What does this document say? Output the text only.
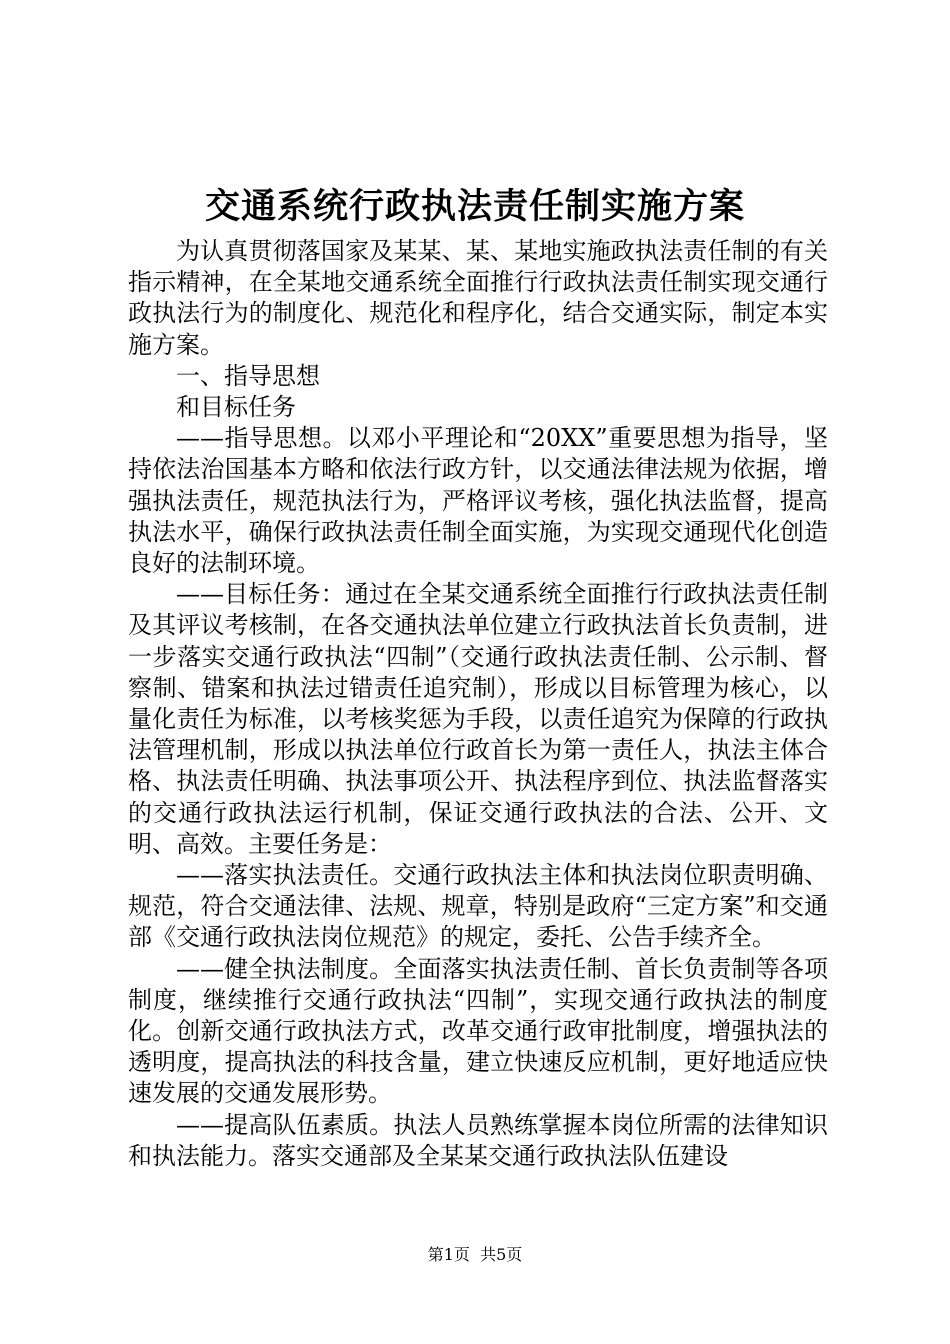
交通系统行政执法责任制实施方案

为认真贯彻落国家及某某、某、某地实施政执法责任制的有关指示精神，在全某地交通系统全面推行行政执法责任制实现交通行政执法行为的制度化、规范化和程序化，结合交通实际，制定本实施方案。

一、指导思想

和目标任务

——指导思想。以邓小平理论和“20XX”重要思想为指导，坚持依法治国基本方略和依法行政方针，以交通法律法规为依据，增强执法责任，规范执法行为，严格评议考核，强化执法监督，提高执法水平，确保行政执法责任制全面实施，为实现交通现代化创造良好的法制环境。

——目标任务：通过在全某交通系统全面推行行政执法责任制及其评议考核制，在各交通执法单位建立行政执法首长负责制，进一步落实交通行政执法“四制”（交通行政执法责任制、公示制、督察制、错案和执法过错责任追究制），形成以目标管理为核心，以量化责任为标准，以考核奖惩为手段，以责任追究为保障的行政执法管理机制，形成以执法单位行政首长为第一责任人，执法主体合格、执法责任明确、执法事项公开、执法程序到位、执法监督落实的交通行政执法运行机制，保证交通行政执法的合法、公开、文明、高效。主要任务是：

——落实执法责任。交通行政执法主体和执法岗位职责明确、规范，符合交通法律、法规、规章，特别是政府“三定方案”和交通部《交通行政执法岗位规范》的规定，委托、公告手续齐全。

——健全执法制度。全面落实执法责任制、首长负责制等各项制度，继续推行交通行政执法“四制”，实现交通行政执法的制度化。创新交通行政执法方式，改革交通行政审批制度，增强执法的透明度，提高执法的科技含量，建立快速反应机制，更好地适应快速发展的交通发展形势。

——提高队伍素质。执法人员熟练掌握本岗位所需的法律知识和执法能力。落实交通部及全某某交通行政执法队伍建设

第1页 共5页
